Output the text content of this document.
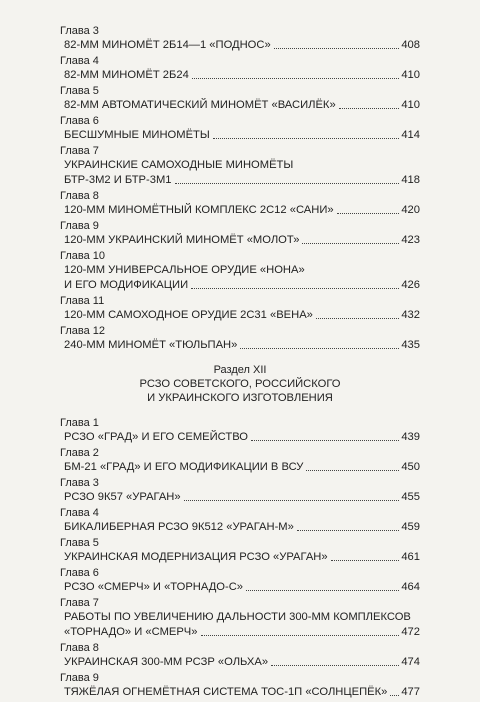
Глава 3
82-ММ МИНОМЁТ 2Б14—1 «ПОДНОС»	408
Глава 4
82-ММ МИНОМЁТ 2Б24	410
Глава 5
82-ММ АВТОМАТИЧЕСКИЙ МИНОМЁТ «ВАСИЛЁК»	410
Глава 6
БЕСШУМНЫЕ МИНОМЁТЫ	414
Глава 7
УКРАИНСКИЕ САМОХОДНЫЕ МИНОМЁТЫ
БТР-3М2 И БТР-3М1	418
Глава 8
120-ММ МИНОМЁТНЫЙ КОМПЛЕКС 2С12 «САНИ»	420
Глава 9
120-ММ УКРАИНСКИЙ МИНОМЁТ «МОЛОТ»	423
Глава 10
120-ММ УНИВЕРСАЛЬНОЕ ОРУДИЕ «НОНА»
И ЕГО МОДИФИКАЦИИ	426
Глава 11
120-ММ САМОХОДНОЕ ОРУДИЕ 2С31 «ВЕНА»	432
Глава 12
240-ММ МИНОМЁТ «ТЮЛЬПАН»	435
Раздел XII
РСЗО СОВЕТСКОГО, РОССИЙСКОГО
И УКРАИНСКОГО ИЗГОТОВЛЕНИЯ
Глава 1
РСЗО «ГРАД» И ЕГО СЕМЕЙСТВО	439
Глава 2
БМ-21 «ГРАД» И ЕГО МОДИФИКАЦИИ В ВСУ	450
Глава 3
РСЗО 9К57 «УРАГАН»	455
Глава 4
БИКАЛИБЕРНАЯ РСЗО 9К512 «УРАГАН-М»	459
Глава 5
УКРАИНСКАЯ МОДЕРНИЗАЦИЯ РСЗО «УРАГАН»	461
Глава 6
РСЗО «СМЕРЧ» И «ТОРНАДО-С»	464
Глава 7
РАБОТЫ ПО УВЕЛИЧЕНИЮ ДАЛЬНОСТИ 300-ММ КОМПЛЕКСОВ
«ТОРНАДО» И «СМЕРЧ»	472
Глава 8
УКРАИНСКАЯ 300-ММ РСЗР «ОЛЬХА»	474
Глава 9
ТЯЖЁЛАЯ ОГНЕМЁТНАЯ СИСТЕМА ТОС-1П «СОЛНЦЕПЁК» 477
